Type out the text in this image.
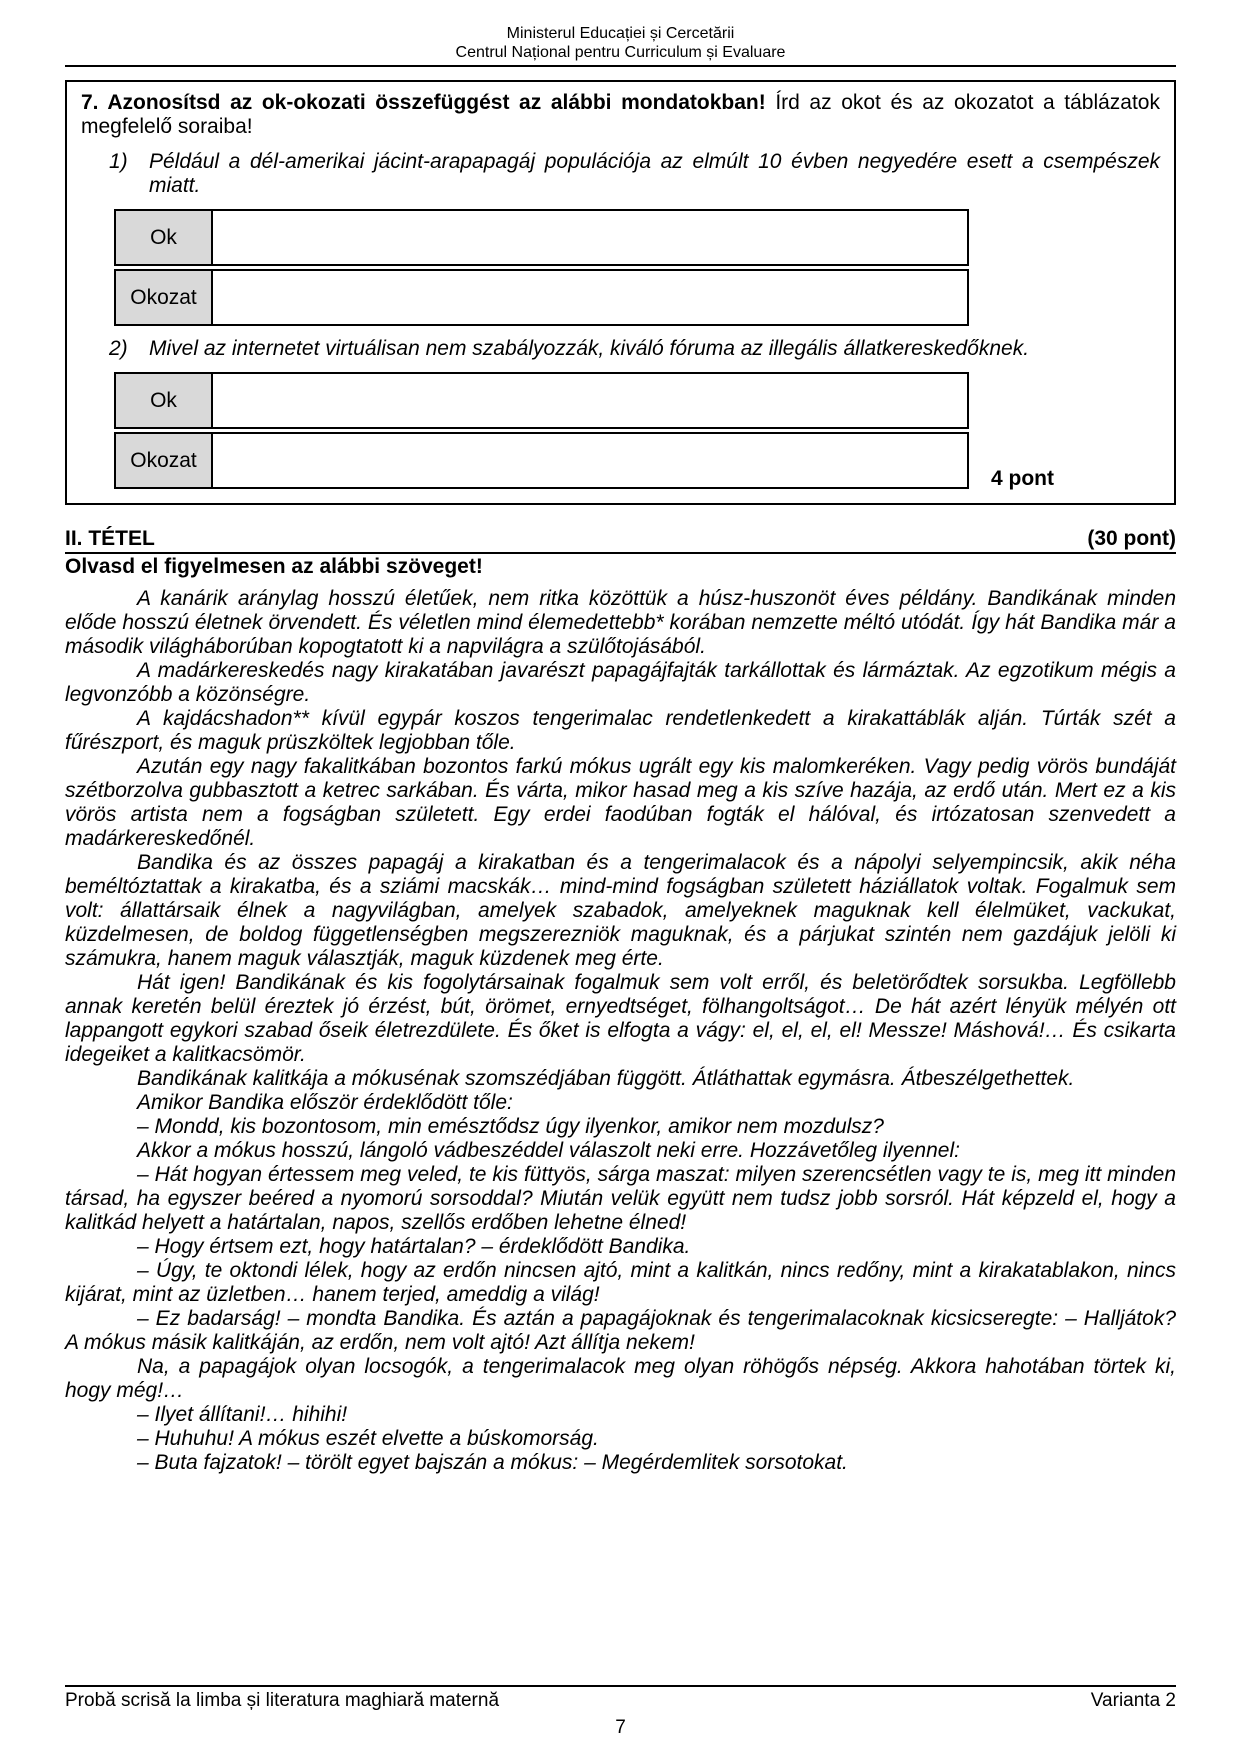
Ministerul Educației și Cercetării
Centrul Național pentru Curriculum și Evaluare

7. Azonosítsd az ok-okozati összefüggést az alábbi mondatokban! Írd az okot és az okozatot a táblázatok megfelelő soraiba!

1)	Például a dél-amerikai jácint-arapapagáj populációja az elmúlt 10 évben negyedére esett a csempészek miatt.
Ok
Okozat
2)	Mivel az internetet virtuálisan nem szabályozzák, kiváló fóruma az illegális állatkereskedőknek.
Ok
Okozat
4 pont
II. TÉTEL	(30 pont)
Olvasd el figyelmesen az alábbi szöveget!

A kanárik aránylag hosszú életűek, nem ritka közöttük a húsz-huszonöt éves példány. Bandikának minden előde hosszú életnek örvendett. És véletlen mind élemedettebb* korában nemzette méltó utódát. Így hát Bandika már a második világháborúban kopogtatott ki a napvilágra a szülőtojásából.

A madárkereskedés nagy kirakatában javarészt papagájfajták tarkállottak és lármáztak. Az egzotikum mégis a legvonzóbb a közönségre.

A kajdácshadon** kívül egypár koszos tengerimalac rendetlenkedett a kirakattáblák alján. Túrták szét a fűrészport, és maguk prüszköltek legjobban tőle.

Azután egy nagy fakalitkában bozontos farkú mókus ugrált egy kis malomkeréken. Vagy pedig vörös bundáját szétborzolva gubbasztott a ketrec sarkában. És várta, mikor hasad meg a kis szíve hazája, az erdő után. Mert ez a kis vörös artista nem a fogságban született. Egy erdei faodúban fogták el hálóval, és irtózatosan szenvedett a madárkereskedőnél.

Bandika és az összes papagáj a kirakatban és a tengerimalacok és a nápolyi selyempincsik, akik néha beméltóztattak a kirakatba, és a sziámi macskák… mind-mind fogságban született háziállatok voltak. Fogalmuk sem volt: állattársaik élnek a nagyvilágban, amelyek szabadok, amelyeknek maguknak kell élelmüket, vackukat, küzdelmesen, de boldog függetlenségben megszerezniök maguknak, és a párjukat szintén nem gazdájuk jelöli ki számukra, hanem maguk választják, maguk küzdenek meg érte.

Hát igen! Bandikának és kis fogolytársainak fogalmuk sem volt erről, és beletörődtek sorsukba. Legföllebb annak keretén belül éreztek jó érzést, bút, örömet, ernyedtséget, fölhangoltságot… De hát azért lényük mélyén ott lappangott egykori szabad őseik életrezdülete. És őket is elfogta a vágy: el, el, el, el! Messze! Máshová!… És csikarta idegeiket a kalitkacsömör.

Bandikának kalitkája a mókusénak szomszédjában függött. Átláthattak egymásra. Átbeszélgethettek.

Amikor Bandika először érdeklődött tőle:

– Mondd, kis bozontosom, min emésztődsz úgy ilyenkor, amikor nem mozdulsz?

Akkor a mókus hosszú, lángoló vádbeszéddel válaszolt neki erre. Hozzávetőleg ilyennel:

– Hát hogyan értessem meg veled, te kis füttyös, sárga maszat: milyen szerencsétlen vagy te is, meg itt minden társad, ha egyszer beéred a nyomorú sorsoddal? Miután velük együtt nem tudsz jobb sorsról. Hát képzeld el, hogy a kalitkád helyett a határtalan, napos, szellős erdőben lehetne élned!

– Hogy értsem ezt, hogy határtalan? – érdeklődött Bandika.

– Úgy, te oktondi lélek, hogy az erdőn nincsen ajtó, mint a kalitkán, nincs redőny, mint a kirakatablakon, nincs kijárat, mint az üzletben… hanem terjed, ameddig a világ!

– Ez badarság! – mondta Bandika. És aztán a papagájoknak és tengerimalacoknak kicsicseregte: – Halljátok? A mókus másik kalitkáján, az erdőn, nem volt ajtó! Azt állítja nekem!

Na, a papagájok olyan locsogók, a tengerimalacok meg olyan röhögős népség. Akkora hahotában törtek ki, hogy még!…

– Ilyet állítani!… hihihi!

– Huhuhu! A mókus eszét elvette a búskomorság.

– Buta fajzatok! – törölt egyet bajszán a mókus: – Megérdemlitek sorsotokat.

Probă scrisă la limba și literatura maghiară maternă	Varianta 2
7
